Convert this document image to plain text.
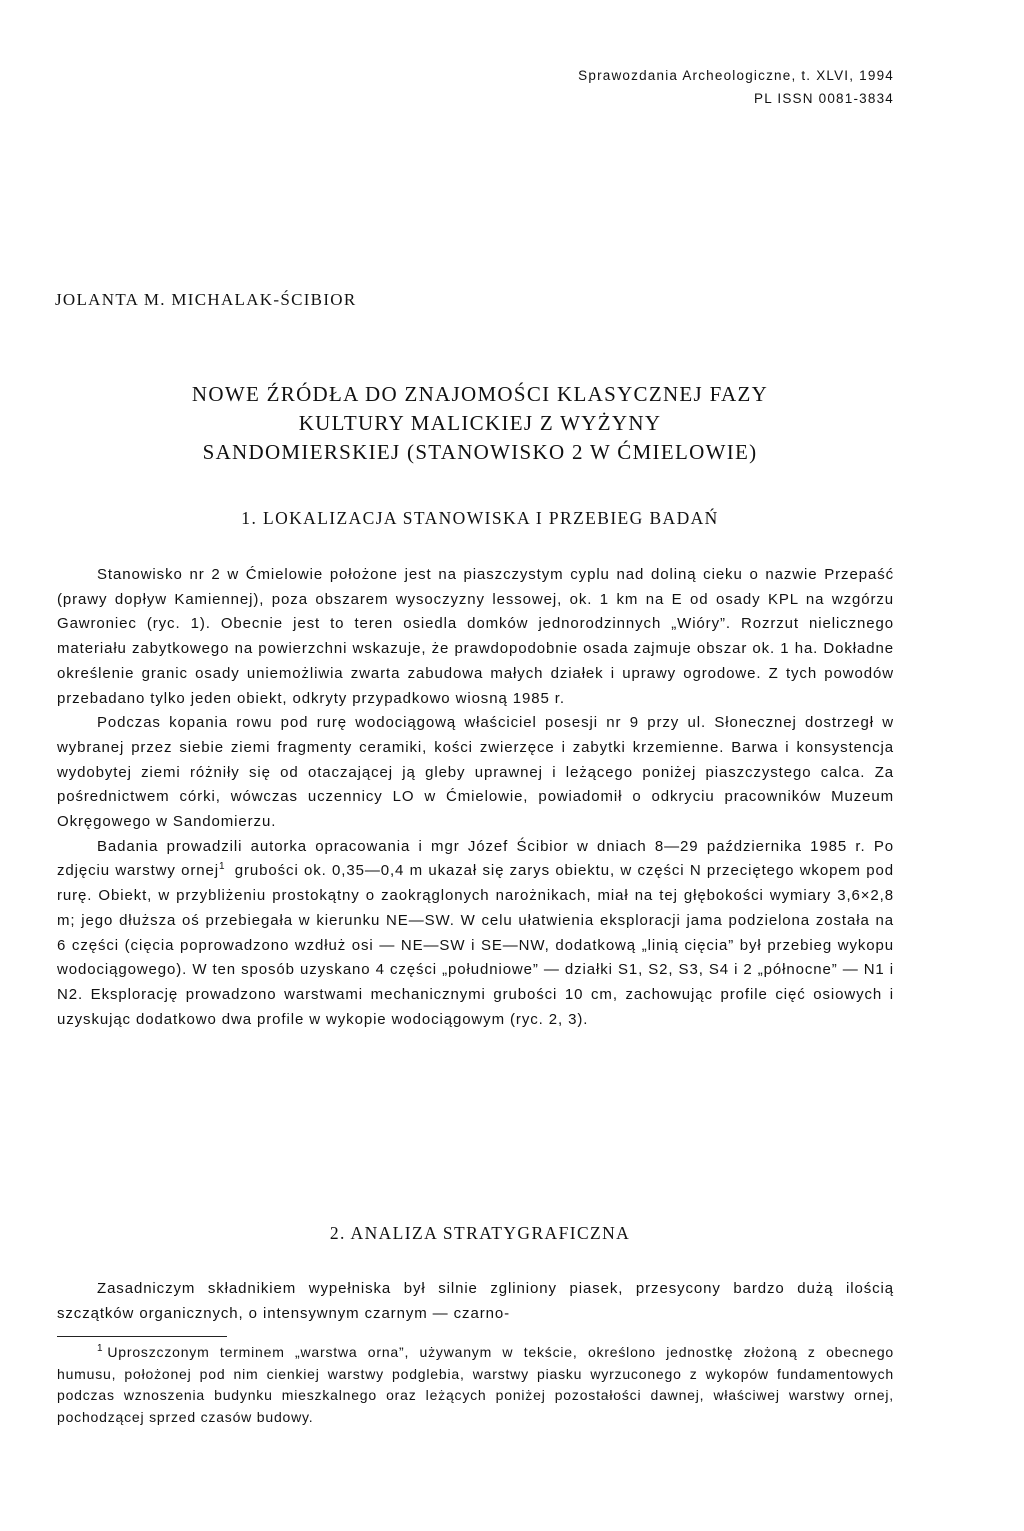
Sprawozdania Archeologiczne, t. XLVI, 1994
PL ISSN 0081-3834
JOLANTA M. MICHALAK-ŚCIBIOR
NOWE ŹRÓDŁA DO ZNAJOMOŚCI KLASYCZNEJ FAZY
KULTURY MALICKIEJ Z WYŻYNY
SANDOMIERSKIEJ (STANOWISKO 2 W ĆMIELOWIE)
1. LOKALIZACJA STANOWISKA I PRZEBIEG BADAŃ

Stanowisko nr 2 w Ćmielowie położone jest na piaszczystym cyplu nad doliną cieku o nazwie Przepaść (prawy dopływ Kamiennej), poza obszarem wysoczyzny lessowej, ok. 1 km na E od osady KPL na wzgórzu Gawroniec (ryc. 1). Obecnie jest to teren osiedla domków jednorodzinnych „Wióry”. Rozrzut nielicznego materiału zabytkowego na powierzchni wskazuje, że prawdopodobnie osada zajmuje obszar ok. 1 ha. Dokładne określenie granic osady uniemożliwia zwarta zabudowa małych działek i uprawy ogrodowe. Z tych powodów przebadano tylko jeden obiekt, odkryty przypadkowo wiosną 1985 r.

Podczas kopania rowu pod rurę wodociągową właściciel posesji nr 9 przy ul. Słonecznej dostrzegł w wybranej przez siebie ziemi fragmenty ceramiki, kości zwierzęce i zabytki krzemienne. Barwa i konsystencja wydobytej ziemi różniły się od otaczającej ją gleby uprawnej i leżącego poniżej piaszczystego calca. Za pośrednictwem córki, wówczas uczennicy LO w Ćmielowie, powiadomił o odkryciu pracowników Muzeum Okręgowego w Sandomierzu.

Badania prowadzili autorka opracowania i mgr Józef Ścibior w dniach 8—29 października 1985 r. Po zdjęciu warstwy ornej$^1$ grubości ok. 0,35—0,4 m ukazał się zarys obiektu, w części N przeciętego wkopem pod rurę. Obiekt, w przybliżeniu prostokątny o zaokrąglonych narożnikach, miał na tej głębokości wymiary 3,6×2,8 m; jego dłuższa oś przebiegała w kierunku NE—SW. W celu ułatwienia eksploracji jama podzielona została na 6 części (cięcia poprowadzono wzdłuż osi — NE—SW i SE—NW, dodatkową „linią cięcia” był przebieg wykopu wodociągowego). W ten sposób uzyskano 4 części „południowe” — działki S1, S2, S3, S4 i 2 „północne” — N1 i N2. Eksplorację prowadzono warstwami mechanicznymi grubości 10 cm, zachowując profile cięć osiowych i uzyskując dodatkowo dwa profile w wykopie wodociągowym (ryc. 2, 3).

2. ANALIZA STRATYGRAFICZNA

Zasadniczym składnikiem wypełniska był silnie zgliniony piasek, przesycony bardzo dużą ilością szczątków organicznych, o intensywnym czarnym — czarno-

$^1$ Uproszczonym terminem „warstwa orna”, używanym w tekście, określono jednostkę złożoną z obecnego humusu, położonej pod nim cienkiej warstwy podglebia, warstwy piasku wyrzuconego z wykopów fundamentowych podczas wznoszenia budynku mieszkalnego oraz leżących poniżej pozostałości dawnej, właściwej warstwy ornej, pochodzącej sprzed czasów budowy.
